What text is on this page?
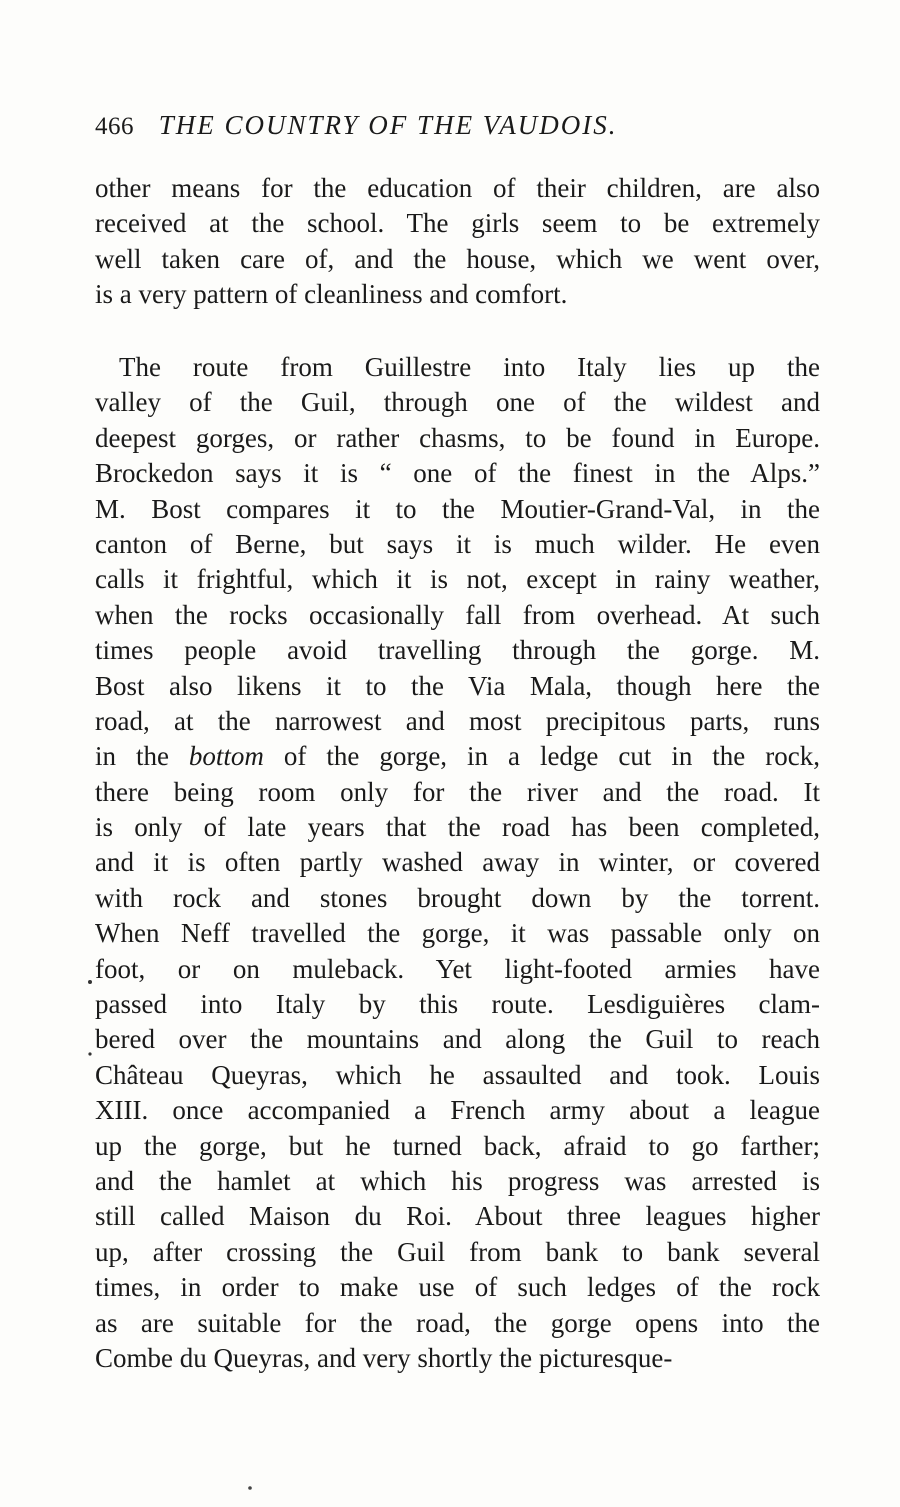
466 THE COUNTRY OF THE VAUDOIS.
other means for the education of their children, are also
received at the school. The girls seem to be extremely
well taken care of, and the house, which we went over,
is a very pattern of cleanliness and comfort.
The route from Guillestre into Italy lies up the
valley of the Guil, through one of the wildest and
deepest gorges, or rather chasms, to be found in Europe.
Brockedon says it is “ one of the finest in the Alps.”
M. Bost compares it to the Moutier-Grand-Val, in the
canton of Berne, but says it is much wilder. He even
calls it frightful, which it is not, except in rainy weather,
when the rocks occasionally fall from overhead. At such
times people avoid travelling through the gorge. M.
Bost also likens it to the Via Mala, though here the
road, at the narrowest and most precipitous parts, runs
in the bottom of the gorge, in a ledge cut in the rock,
there being room only for the river and the road. It
is only of late years that the road has been completed,
and it is often partly washed away in winter, or covered
with rock and stones brought down by the torrent.
When Neff travelled the gorge, it was passable only on
foot, or on muleback. Yet light-footed armies have
passed into Italy by this route. Lesdiguières clam-
bered over the mountains and along the Guil to reach
Château Queyras, which he assaulted and took. Louis
XIII. once accompanied a French army about a league
up the gorge, but he turned back, afraid to go farther;
and the hamlet at which his progress was arrested is
still called Maison du Roi. About three leagues higher
up, after crossing the Guil from bank to bank several
times, in order to make use of such ledges of the rock
as are suitable for the road, the gorge opens into the
Combe du Queyras, and very shortly the picturesque-
